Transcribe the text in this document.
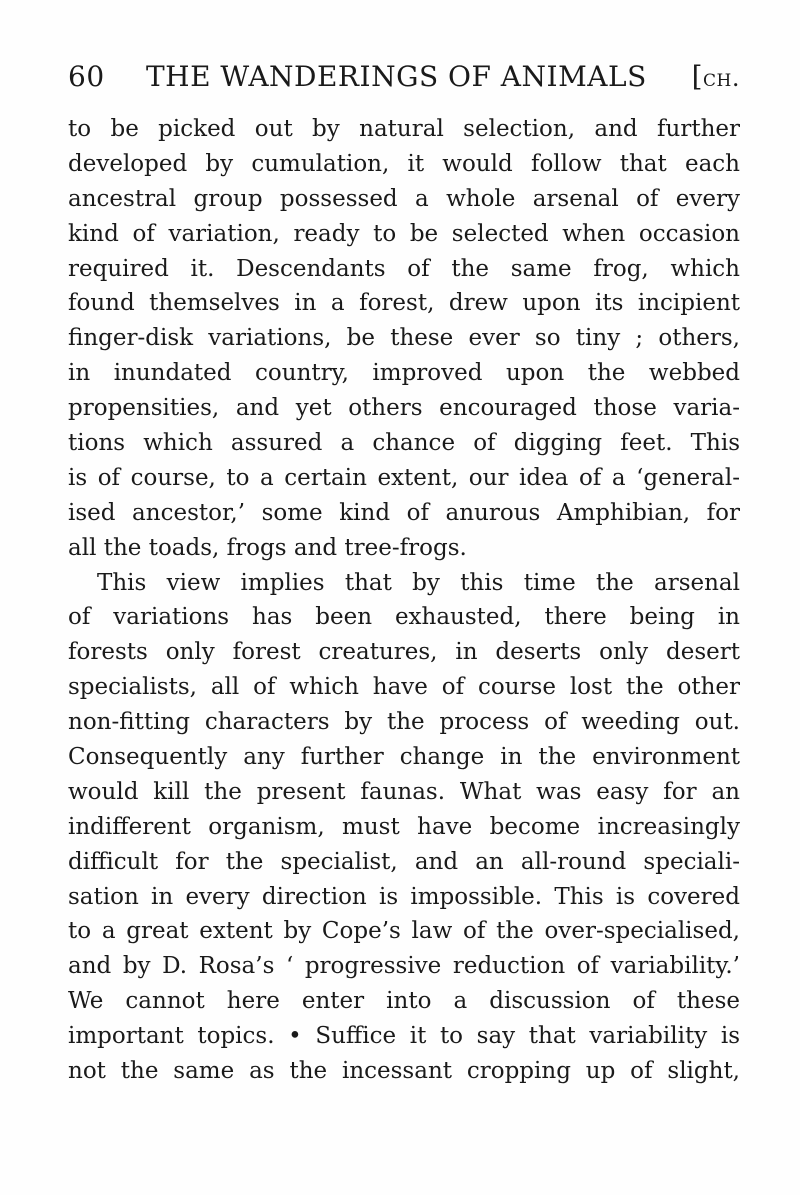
60 THE WANDERINGS OF ANIMALS [ch.
to be picked out by natural selection, and further
developed by cumulation, it would follow that each
ancestral group possessed a whole arsenal of every
kind of variation, ready to be selected when occasion
required it. Descendants of the same frog, which
found themselves in a forest, drew upon its incipient
finger-disk variations, be these ever so tiny ; others,
in inundated country, improved upon the webbed
propensities, and yet others encouraged those varia-
tions which assured a chance of digging feet. This
is of course, to a certain extent, our idea of a ‘general-
ised ancestor,’ some kind of anurous Amphibian, for
all the toads, frogs and tree-frogs.
This view implies that by this time the arsenal
of variations has been exhausted, there being in
forests only forest creatures, in deserts only desert
specialists, all of which have of course lost the other
non-fitting characters by the process of weeding out.
Consequently any further change in the environment
would kill the present faunas. What was easy for an
indifferent organism, must have become increasingly
difficult for the specialist, and an all-round speciali-
sation in every direction is impossible. This is covered
to a great extent by Cope’s law of the over-specialised,
and by D. Rosa’s ‘ progressive reduction of variability.’
We cannot here enter into a discussion of these
important topics. • Suffice it to say that variability is
not the same as the incessant cropping up of slight,
